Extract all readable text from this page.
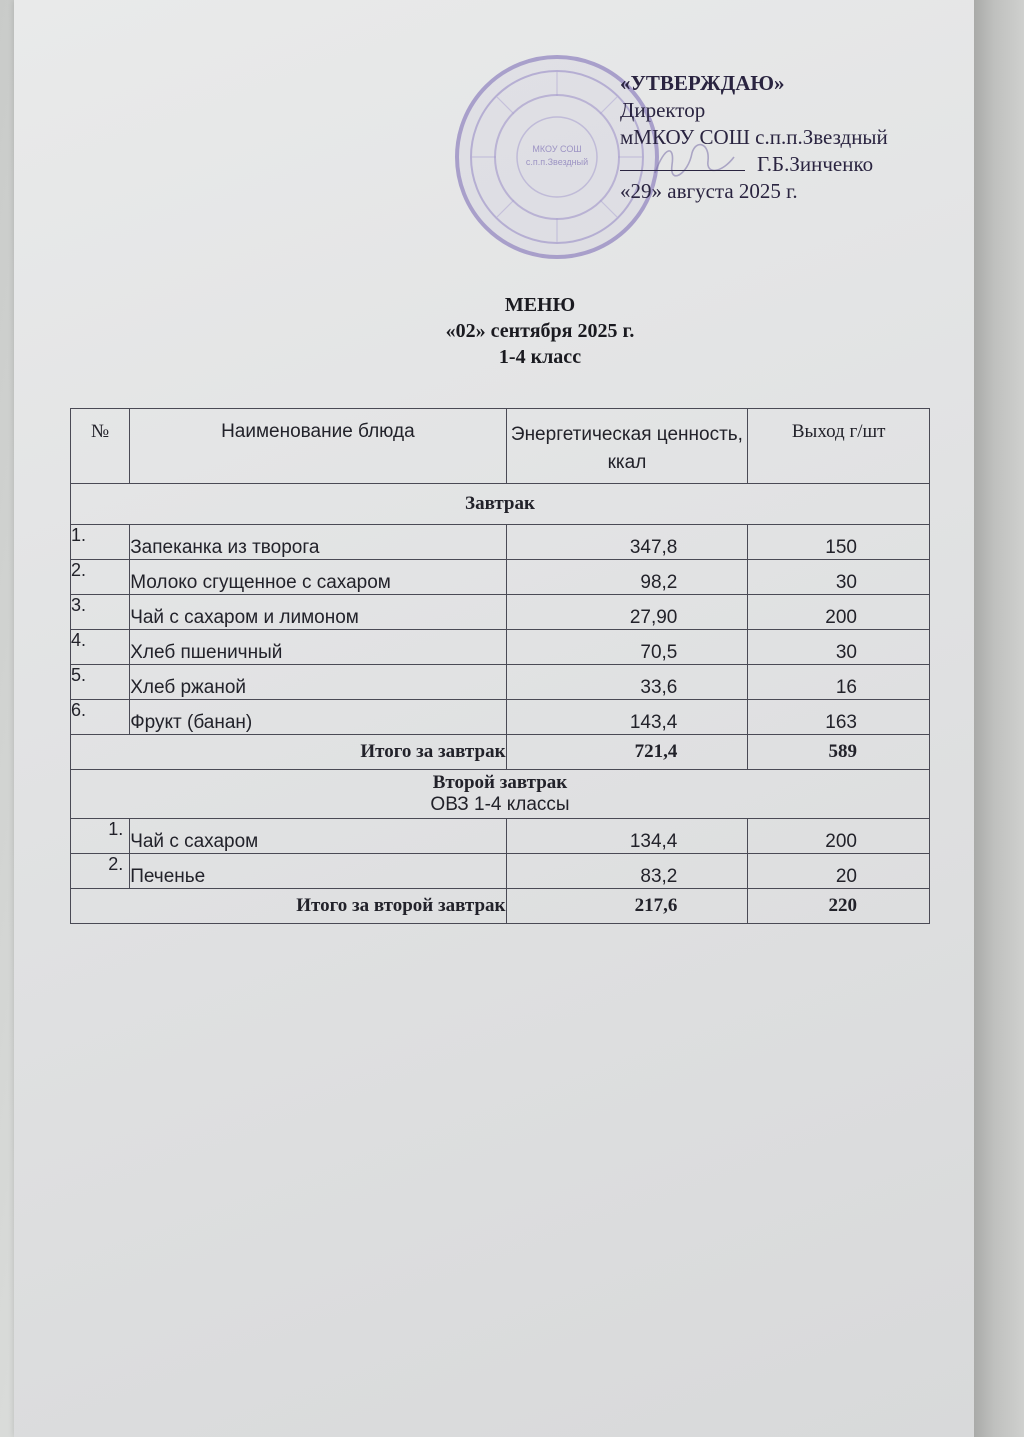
МКОУ СОШ
с.п.п.Звездный
«УТВЕРЖДАЮ»
Директор
мМКОУ СОШ с.п.п.Звездный
Г.Б.Зинченко
«29» августа 2025 г.
МЕНЮ
«02» сентября 2025 г.
1-4 класс
№	Наименование блюда	Энергетическая ценность, ккал	Выход г/шт
Завтрак			
1.	Запеканка из творога	347,8	150
2.	Молоко сгущенное с сахаром	98,2	30
3.	Чай с сахаром и лимоном	27,90	200
4.	Хлеб пшеничный	70,5	30
5.	Хлеб ржаной	33,6	16
6.	Фрукт (банан)	143,4	163
Итого за завтрак		721,4	589

Второй завтрак
ОВЗ 1-4 классы			

1.	Чай с сахаром	134,4	200
2.	Печенье	83,2	20
Итого за второй завтрак		217,6	220
